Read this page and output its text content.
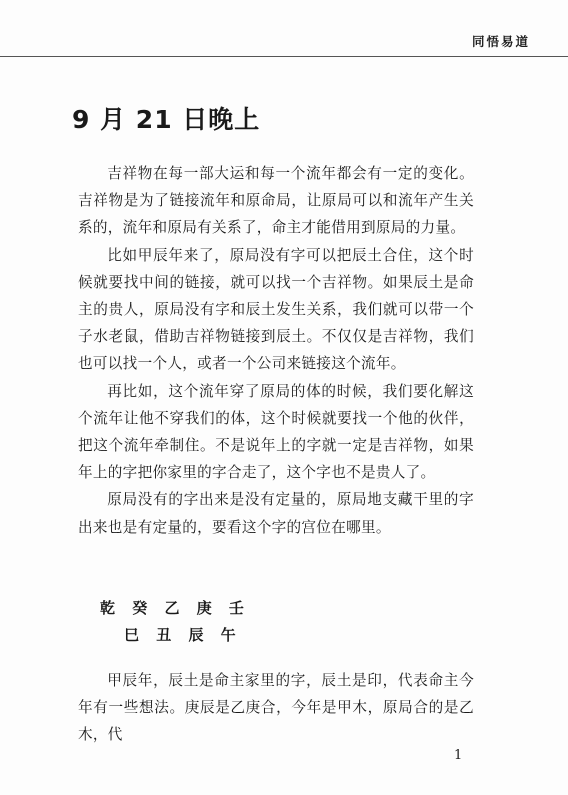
同悟易道
9 月 21 日晚上

吉祥物在每一部大运和每一个流年都会有一定的变化。吉祥物是为了链接流年和原命局，让原局可以和流年产生关系的，流年和原局有关系了，命主才能借用到原局的力量。

比如甲辰年来了，原局没有字可以把辰土合住，这个时候就要找中间的链接，就可以找一个吉祥物。如果辰土是命主的贵人，原局没有字和辰土发生关系，我们就可以带一个子水老鼠，借助吉祥物链接到辰土。不仅仅是吉祥物，我们也可以找一个人，或者一个公司来链接这个流年。

再比如，这个流年穿了原局的体的时候，我们要化解这个流年让他不穿我们的体，这个时候就要找一个他的伙伴，把这个流年牵制住。不是说年上的字就一定是吉祥物，如果年上的字把你家里的字合走了，这个字也不是贵人了。

原局没有的字出来是没有定量的，原局地支藏干里的字出来也是有定量的，要看这个字的宫位在哪里。

乾 癸 乙 庚 壬
巳 丑 辰 午

甲辰年，辰土是命主家里的字，辰土是印，代表命主今年有一些想法。庚辰是乙庚合，今年是甲木，原局合的是乙木，代

1
